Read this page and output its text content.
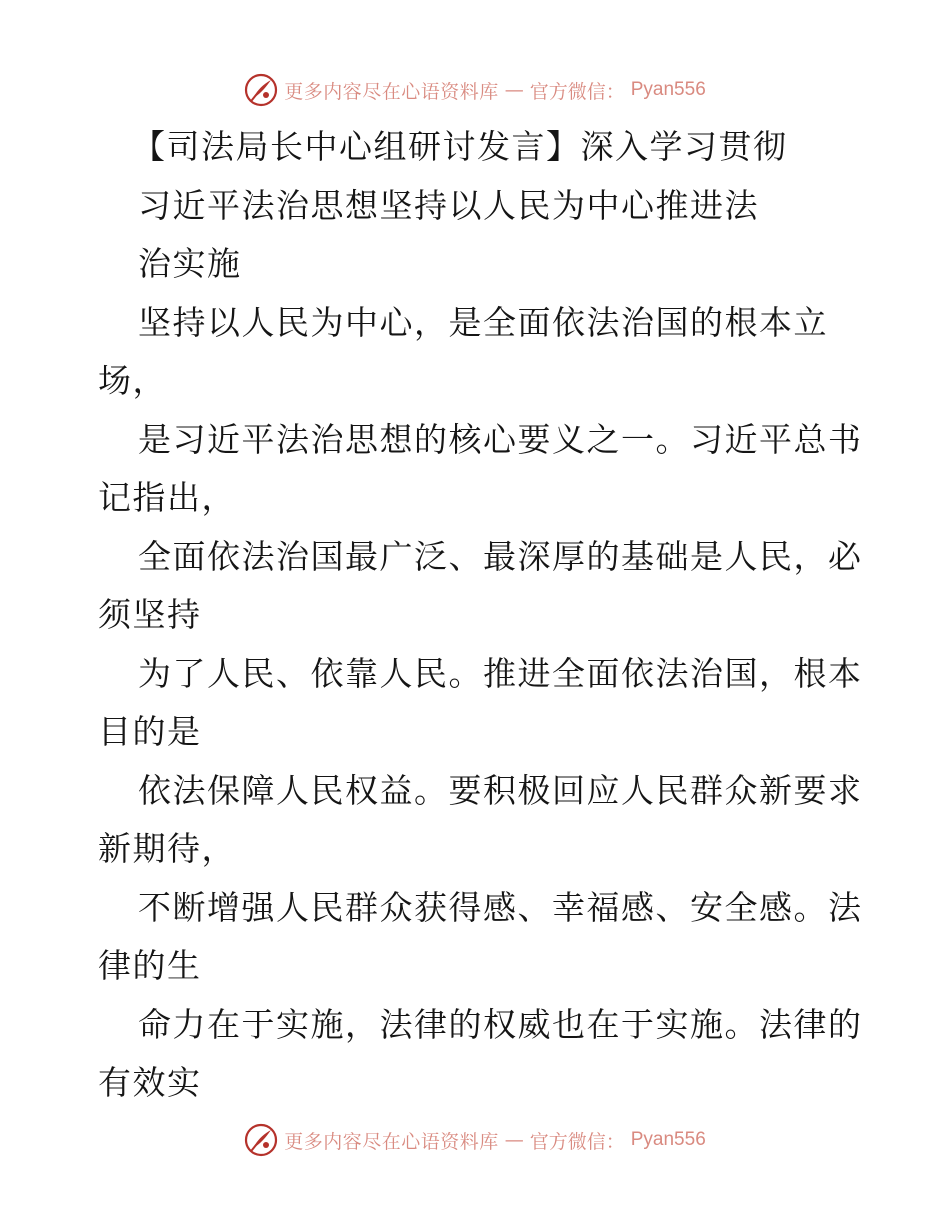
更多内容尽在心语资料库 — 官方微信： Pyan556
【司法局长中心组研讨发言】深入学习贯彻
习近平法治思想坚持以人民为中心推进法
治实施
坚持以人民为中心，是全面依法治国的根本立
场，
是习近平法治思想的核心要义之一。习近平总书
记指出，
全面依法治国最广泛、最深厚的基础是人民，必
须坚持
为了人民、依靠人民。推进全面依法治国，根本
目的是
依法保障人民权益。要积极回应人民群众新要求
新期待，
不断增强人民群众获得感、幸福感、安全感。法
律的生
命力在于实施，法律的权威也在于实施。法律的
有效实
更多内容尽在心语资料库 — 官方微信： Pyan556
